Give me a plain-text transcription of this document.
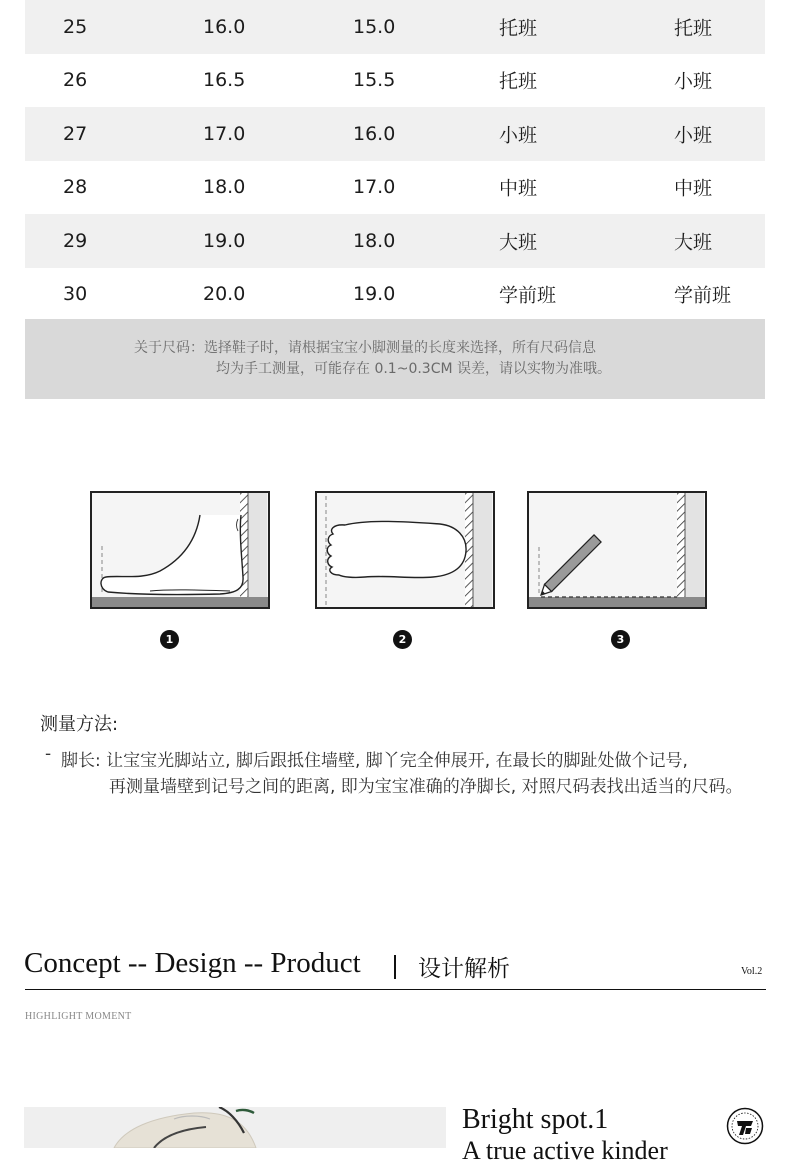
25	16.0	15.0	托班	托班
26	16.5	15.5	托班	小班
27	17.0	16.0	小班	小班
28	18.0	17.0	中班	中班
29	19.0	18.0	大班	大班
30	20.0	19.0	学前班	学前班
关于尺码：选择鞋子时，请根据宝宝小脚测量的长度来选择，所有尺码信息
均为手工测量，可能存在 0.1~0.3CM 误差，请以实物为准哦。
1	2	3
测量方法:
- 脚长: 让宝宝光脚站立, 脚后跟抵住墙壁, 脚丫完全伸展开, 在最长的脚趾处做个记号,
再测量墙壁到记号之间的距离, 即为宝宝准确的净脚长, 对照尺码表找出适当的尺码。
Concept -- Design -- Product 设计解析	Vol.2
HIGHLIGHT MOMENT
Bright spot.1
A true active kinder
